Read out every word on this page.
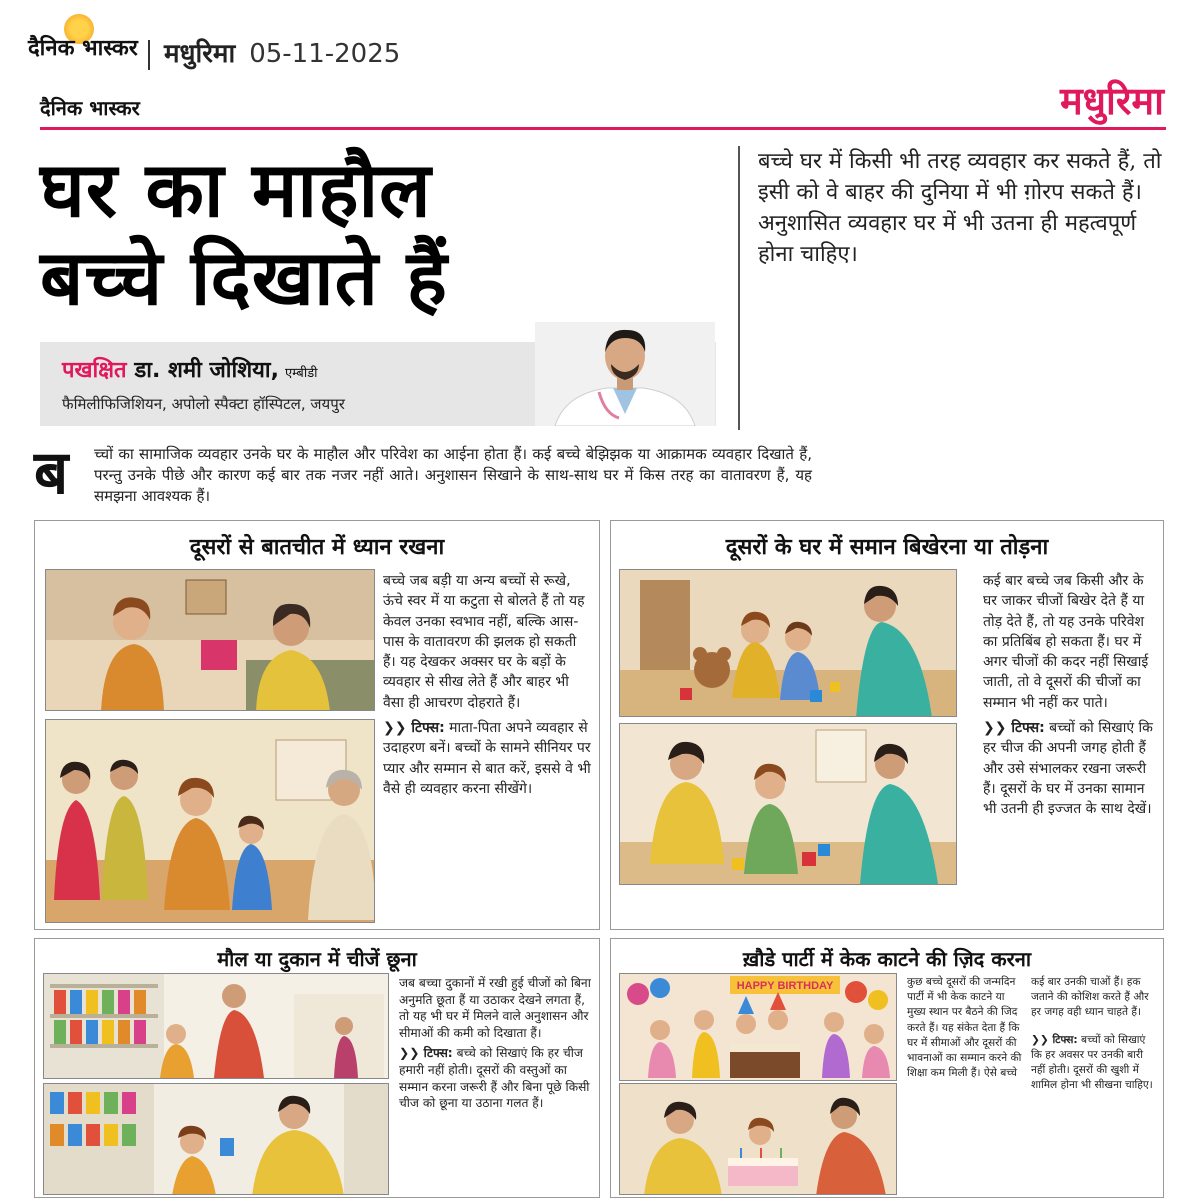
दैनिक भास्कर	मधुरिमा 05-11-2025
दैनिक भास्कर	मधुरिमा
घर का माहौल
बच्चे दिखाते हैं
पखक्षित डा. शमी जोशिया, एम्बीडी
फैमिलीफिजिशियन, अपोलो स्पैक्टा हॉस्पिटल, जयपुर
बच्चे घर में किसी भी तरह व्यवहार कर सकते हैं, तो इसी को वे बाहर की दुनिया में भी ग़ोरप सकते हैं। अनुशासित व्यवहार घर में भी उतना ही महत्वपूर्ण होना चाहिए।
ब च्चों का सामाजिक व्यवहार उनके घर के माहौल और परिवेश का आईना होता हैं। कई बच्चे बेझिझक या आक्रामक व्यवहार दिखाते हैं, परन्तु उनके पीछे और कारण कई बार तक नजर नहीं आते। अनुशासन सिखाने के साथ-साथ घर में किस तरह का वातावरण हैं, यह समझना आवश्यक हैं।
दूसरों से बातचीत में ध्यान रखना
बच्चे जब बड़ी या अन्य बच्चों से रूखे, ऊंचे स्वर में या कटुता से बोलते हैं तो यह केवल उनका स्वभाव नहीं, बल्कि आस-पास के वातावरण की झलक हो सकती हैं। यह देखकर अक्सर घर के बड़ों के व्यवहार से सीख लेते हैं और बाहर भी वैसा ही आचरण दोहराते हैं।
❯❯ टिफ्स: माता-पिता अपने व्यवहार से उदाहरण बनें। बच्चों के सामने सीनियर पर प्यार और सम्मान से बात करें, इससे वे भी वैसे ही व्यवहार करना सीखेंगे।
दूसरों के घर में समान बिखेरना या तोड़ना
कई बार बच्चे जब किसी और के घर जाकर चीजों बिखेर देते हैं या तोड़ देते हैं, तो यह उनके परिवेश का प्रतिबिंब हो सकता हैं। घर में अगर चीजों की कदर नहीं सिखाई जाती, तो वे दूसरों की चीजों का सम्मान भी नहीं कर पाते।
❯❯ टिफ्स: बच्चों को सिखाएं कि हर चीज की अपनी जगह होती हैं और उसे संभालकर रखना जरूरी हैं। दूसरों के घर में उनका सामान भी उतनी ही इज्जत के साथ देखें।
मौल या दुकान में चीजें छूना
जब बच्चा दुकानों में रखी हुई चीजों को बिना अनुमति छूता हैं या उठाकर देखने लगता हैं, तो यह भी घर में मिलने वाले अनुशासन और सीमाओं की कमी को दिखाता हैं।
❯❯ टिफ्स: बच्चे को सिखाएं कि हर चीज हमारी नहीं होती। दूसरों की वस्तुओं का सम्मान करना जरूरी हैं और बिना पूछे किसी चीज को छूना या उठाना गलत हैं।
ख़ौडे पार्टी में केक काटने की ज़िद करना
HAPPY BIRTHDAY	कुछ बच्चे दूसरों की जन्मदिन पार्टी में भी केक काटने या मुख्य स्थान पर बैठने की जिद करते हैं। यह संकेत देता हैं कि घर में सीमाओं और दूसरों की भावनाओं का सम्मान करने की शिक्षा कम मिली हैं। ऐसे बच्चे
कई बार उनकी चाओं हैं। हक जताने की कोशिश करते हैं और हर जगह वही ध्यान चाहते हैं।
❯❯ टिफ्स: बच्चों को सिखाएं कि हर अवसर पर उनकी बारी नहीं होती। दूसरों की खुशी में शामिल होना भी सीखना चाहिए।
